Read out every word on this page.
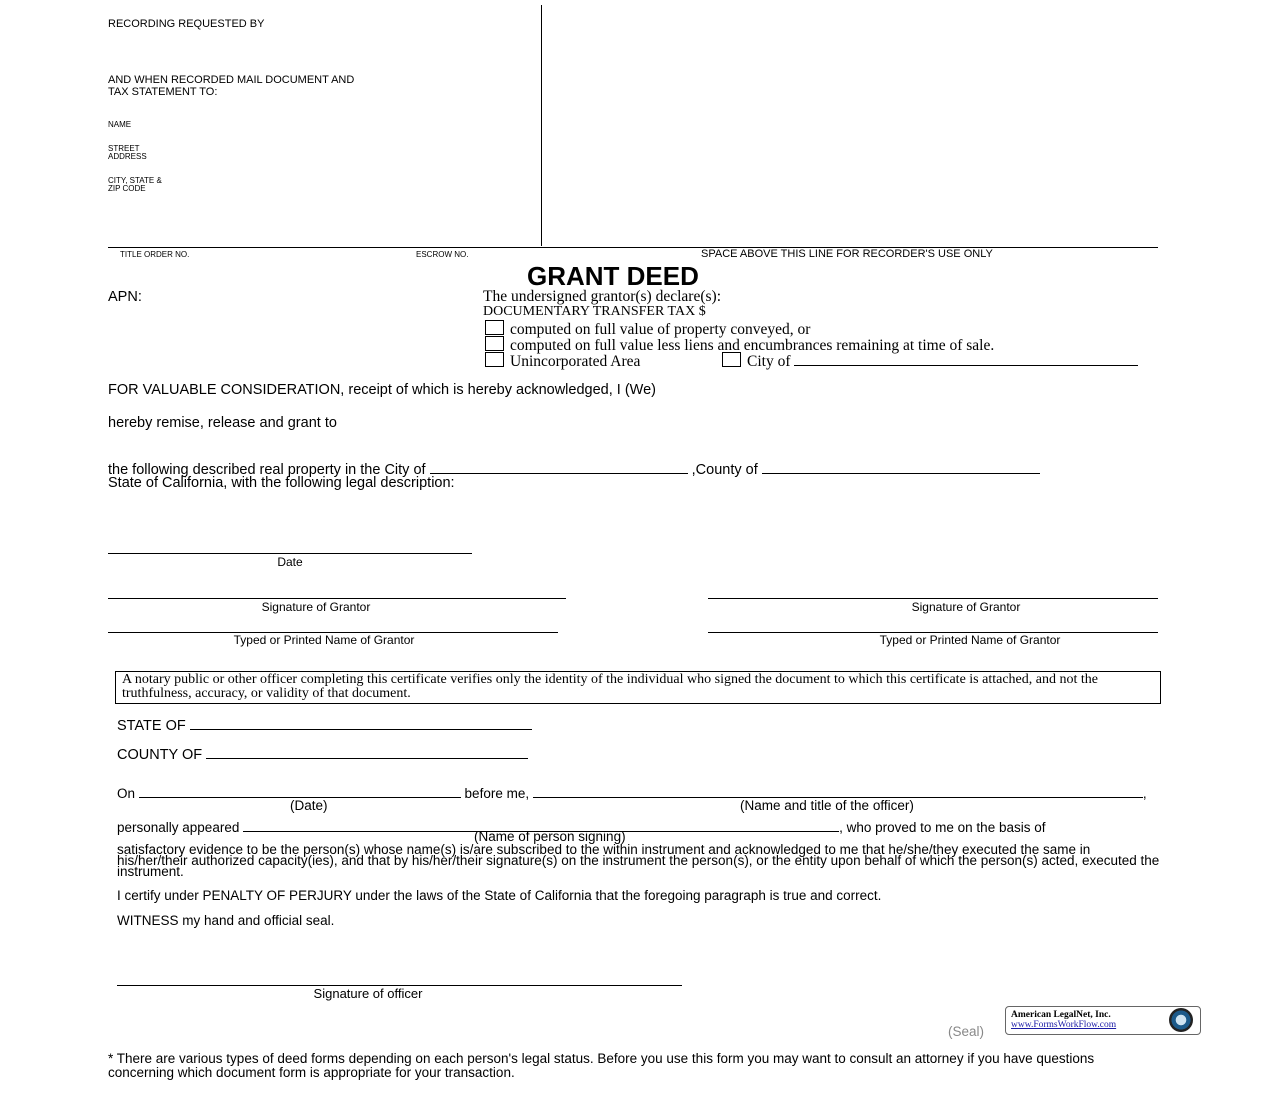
RECORDING REQUESTED BY
AND WHEN RECORDED MAIL DOCUMENT AND
TAX STATEMENT TO:
NAME
STREET
ADDRESS
CITY, STATE &
ZIP CODE
TITLE ORDER NO.	ESCROW NO.	SPACE ABOVE THIS LINE FOR RECORDER'S USE ONLY
GRANT DEED
APN:	The undersigned grantor(s) declare(s):
DOCUMENTARY TRANSFER TAX $
computed on full value of property conveyed, or
computed on full value less liens and encumbrances remaining at time of sale.
Unincorporated Area	City of
FOR VALUABLE CONSIDERATION, receipt of which is hereby acknowledged, I (We)
hereby remise, release and grant to
the following described real property in the City of	,County of
State of California, with the following legal description:
Date
Signature of Grantor	Signature of Grantor
Typed or Printed Name of Grantor	Typed or Printed Name of Grantor
A notary public or other officer completing this certificate verifies only the identity of the individual who signed the document to which this certificate is attached, and not the truthfulness, accuracy, or validity of that document.
STATE OF
COUNTY OF
On	before me,	,
(Date)	(Name and title of the officer)
personally appeared	, who proved to me on the basis of
(Name of person signing)
satisfactory evidence to be the person(s) whose name(s) is/are subscribed to the within instrument and acknowledged to me that he/she/they executed the same in his/her/their authorized capacity(ies), and that by his/her/their signature(s) on the instrument the person(s), or the entity upon behalf of which the person(s) acted, executed the instrument.
I certify under PENALTY OF PERJURY under the laws of the State of California that the foregoing paragraph is true and correct.
WITNESS my hand and official seal.
Signature of officer
(Seal)
American LegalNet, Inc.
www.FormsWorkFlow.com
* There are various types of deed forms depending on each person's legal status. Before you use this form you may want to consult an attorney if you have questions concerning which document form is appropriate for your transaction.
